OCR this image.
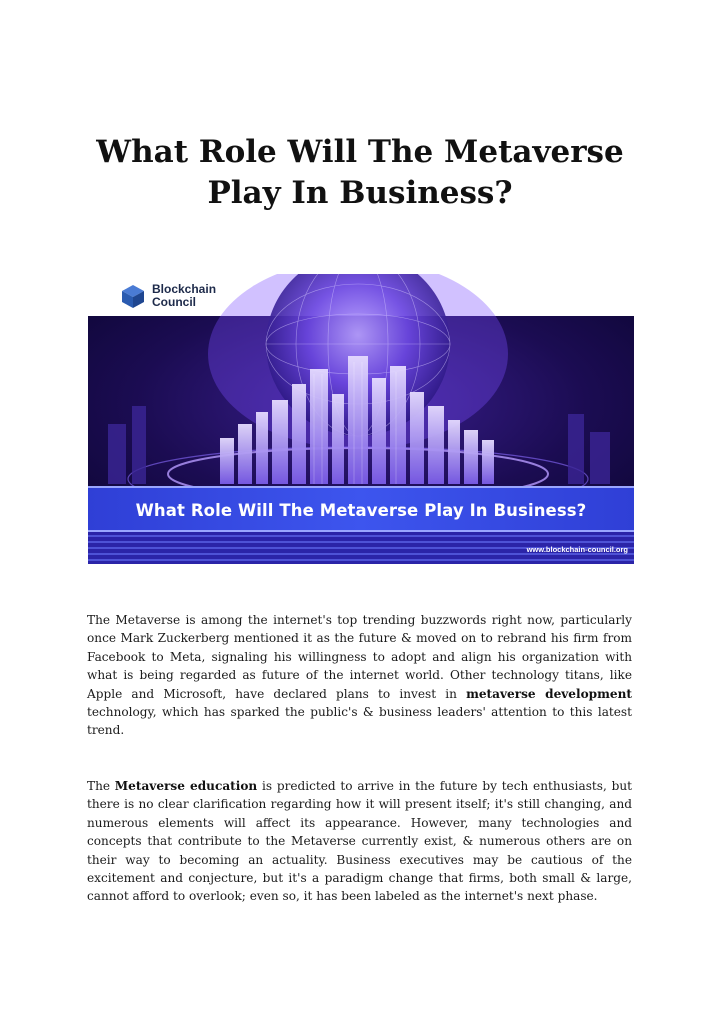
What Role Will The Metaverse Play In Business?
Blockchain
Council
What Role Will The Metaverse Play In Business?
www.blockchain-council.org

The Metaverse is among the internet's top trending buzzwords right now, particularly once Mark Zuckerberg mentioned it as the future & moved on to rebrand his firm from Facebook to Meta, signaling his willingness to adopt and align his organization with what is being regarded as future of the internet world. Other technology titans, like Apple and Microsoft, have declared plans to invest in metaverse development technology, which has sparked the public's & business leaders' attention to this latest trend.

The Metaverse education is predicted to arrive in the future by tech enthusiasts, but there is no clear clarification regarding how it will present itself; it's still changing, and numerous elements will affect its appearance. However, many technologies and concepts that contribute to the Metaverse currently exist, & numerous others are on their way to becoming an actuality. Business executives may be cautious of the excitement and conjecture, but it's a paradigm change that firms, both small & large, cannot afford to overlook; even so, it has been labeled as the internet's next phase.
